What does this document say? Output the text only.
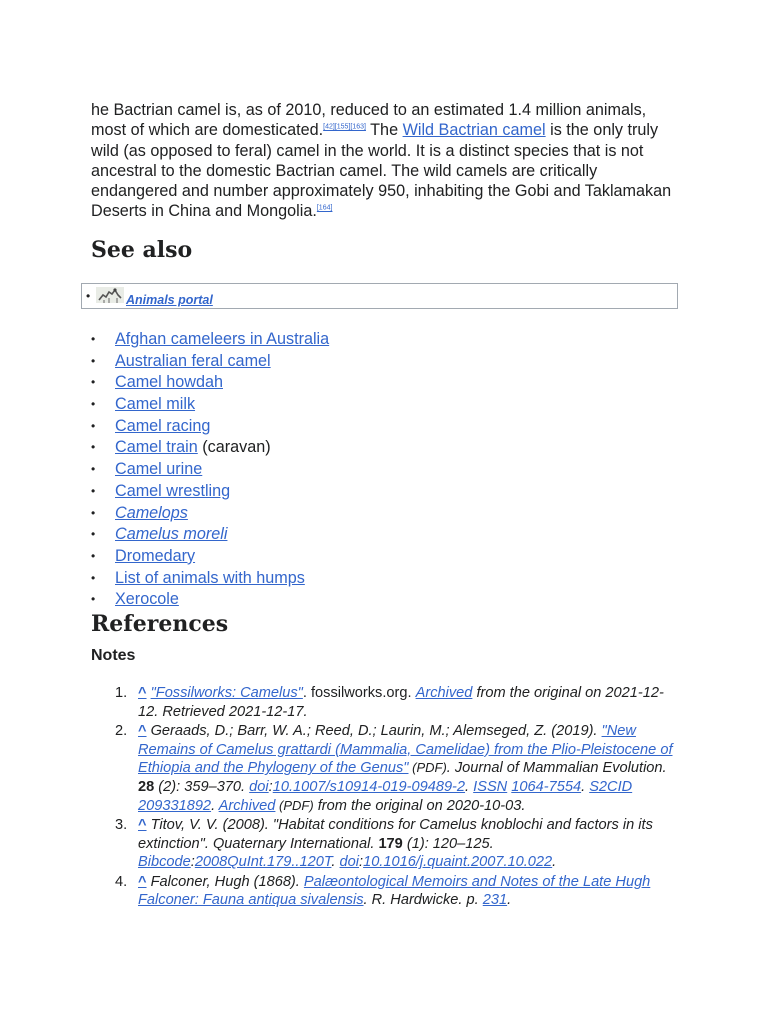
he Bactrian camel is, as of 2010, reduced to an estimated 1.4 million animals, most of which are domesticated.[42][155][163] The Wild Bactrian camel is the only truly wild (as opposed to feral) camel in the world. It is a distinct species that is not ancestral to the domestic Bactrian camel. The wild camels are critically endangered and number approximately 950, inhabiting the Gobi and Taklamakan Deserts in China and Mongolia.[164]

See also
•	Animals portal
• Afghan cameleers in Australia
• Australian feral camel
• Camel howdah
• Camel milk
• Camel racing
• Camel train (caravan)
• Camel urine
• Camel wrestling
• Camelops
• Camelus moreli
• Dromedary
• List of animals with humps
• Xerocole
References

Notes

1. ^ "Fossilworks: Camelus". fossilworks.org. Archived from the original on 2021-12-12. Retrieved 2021-12-17.
2. ^ Geraads, D.; Barr, W. A.; Reed, D.; Laurin, M.; Alemseged, Z. (2019). "New Remains of Camelus grattardi (Mammalia, Camelidae) from the Plio-Pleistocene of Ethiopia and the Phylogeny of the Genus" (PDF). Journal of Mammalian Evolution. 28 (2): 359–370. doi:10.1007/s10914-019-09489-2. ISSN 1064-7554. S2CID 209331892. Archived (PDF) from the original on 2020-10-03.
3. ^ Titov, V. V. (2008). "Habitat conditions for Camelus knoblochi and factors in its extinction". Quaternary International. 179 (1): 120–125. Bibcode:2008QuInt.179..120T. doi:10.1016/j.quaint.2007.10.022.
4. ^ Falconer, Hugh (1868). Palæontological Memoirs and Notes of the Late Hugh Falconer: Fauna antiqua sivalensis. R. Hardwicke. p. 231.
